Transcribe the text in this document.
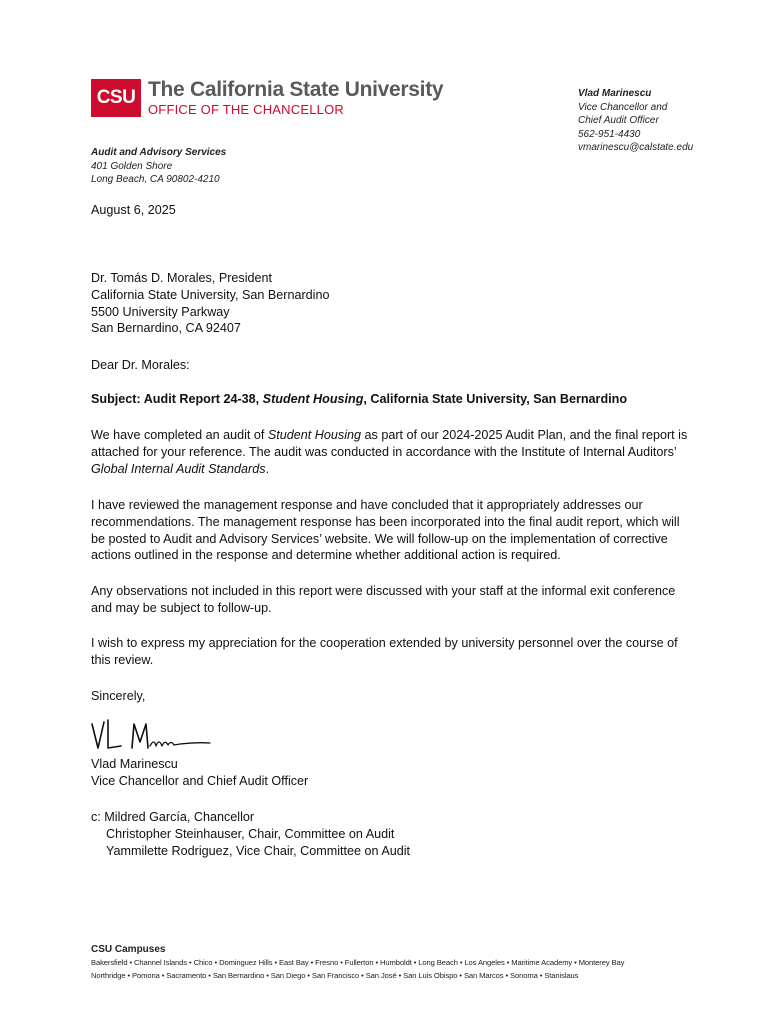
CSU The California State University
OFFICE OF THE CHANCELLOR
Vlad Marinescu
Vice Chancellor and
Chief Audit Officer
562-951-4430
vmarinescu@calstate.edu
Audit and Advisory Services
401 Golden Shore
Long Beach, CA 90802-4210
August 6, 2025
Dr. Tomás D. Morales, President
California State University, San Bernardino
5500 University Parkway
San Bernardino, CA 92407
Dear Dr. Morales:
Subject: Audit Report 24-38, Student Housing, California State University, San Bernardino
We have completed an audit of Student Housing as part of our 2024-2025 Audit Plan, and the final report is attached for your reference. The audit was conducted in accordance with the Institute of Internal Auditors’ Global Internal Audit Standards.
I have reviewed the management response and have concluded that it appropriately addresses our recommendations. The management response has been incorporated into the final audit report, which will be posted to Audit and Advisory Services’ website. We will follow-up on the implementation of corrective actions outlined in the response and determine whether additional action is required.
Any observations not included in this report were discussed with your staff at the informal exit conference and may be subject to follow-up.
I wish to express my appreciation for the cooperation extended by university personnel over the course of this review.
Sincerely,
Vlad Marinescu
Vice Chancellor and Chief Audit Officer
c: Mildred García, Chancellor
Christopher Steinhauser, Chair, Committee on Audit
Yammilette Rodriguez, Vice Chair, Committee on Audit
CSU Campuses
Bakersfield • Channel Islands • Chico • Dominguez Hills • East Bay • Fresno • Fullerton • Humboldt • Long Beach • Los Angeles • Maritime Academy • Monterey Bay
Northridge • Pomona • Sacramento • San Bernardino • San Diego • San Francisco • San José • San Luis Obispo • San Marcos • Sonoma • Stanislaus
